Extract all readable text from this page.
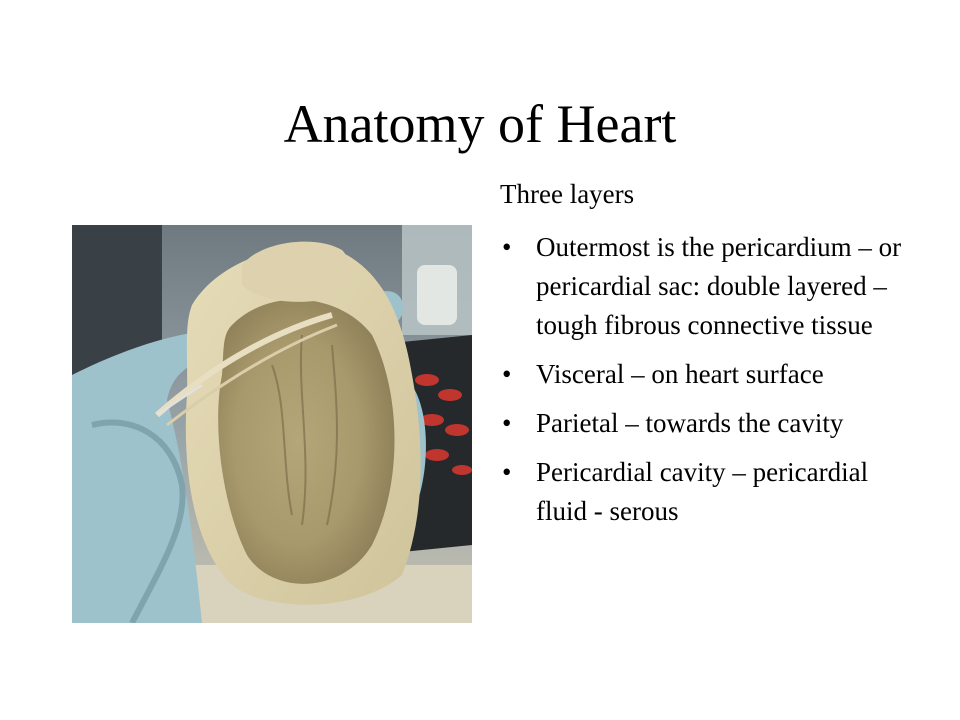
Anatomy of Heart
Three layers
• Outermost is the pericardium – or pericardial sac: double layered – tough fibrous connective tissue
• Visceral – on heart surface
• Parietal – towards the cavity
• Pericardial cavity – pericardial fluid - serous
